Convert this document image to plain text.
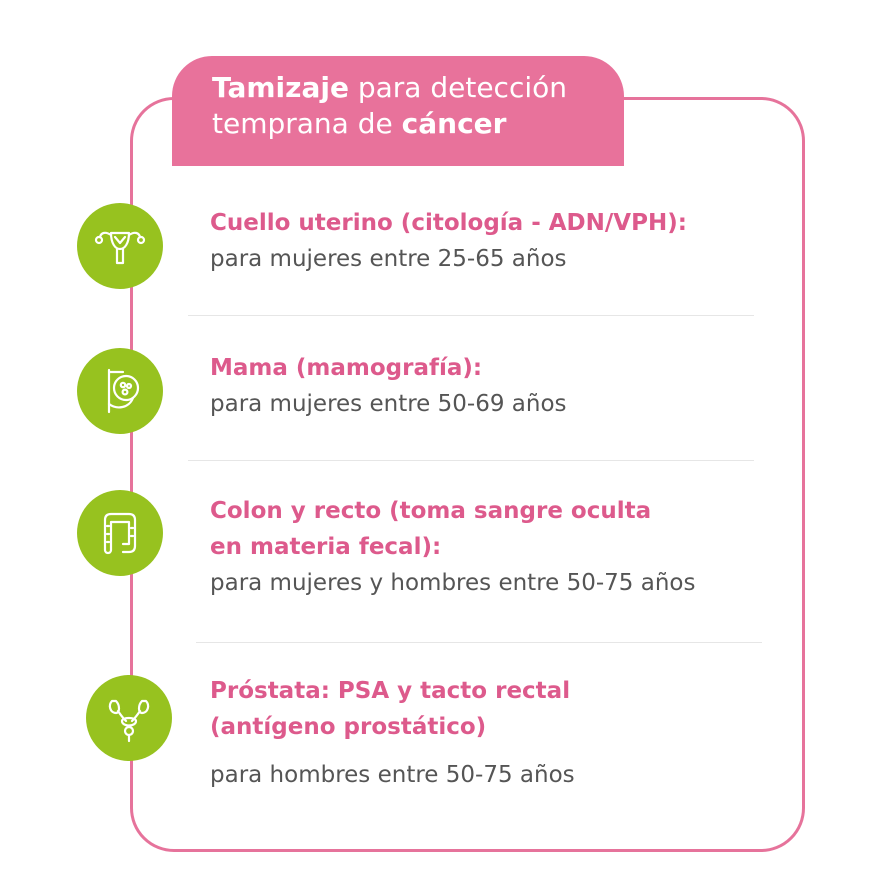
Tamizaje para detección
temprana de cáncer
Cuello uterino (citología - ADN/VPH):
para mujeres entre 25-65 años
Mama (mamografía):
para mujeres entre 50-69 años
Colon y recto (toma sangre oculta
en materia fecal):
para mujeres y hombres entre 50-75 años
Próstata: PSA y tacto rectal
(antígeno prostático)
para hombres entre 50-75 años
